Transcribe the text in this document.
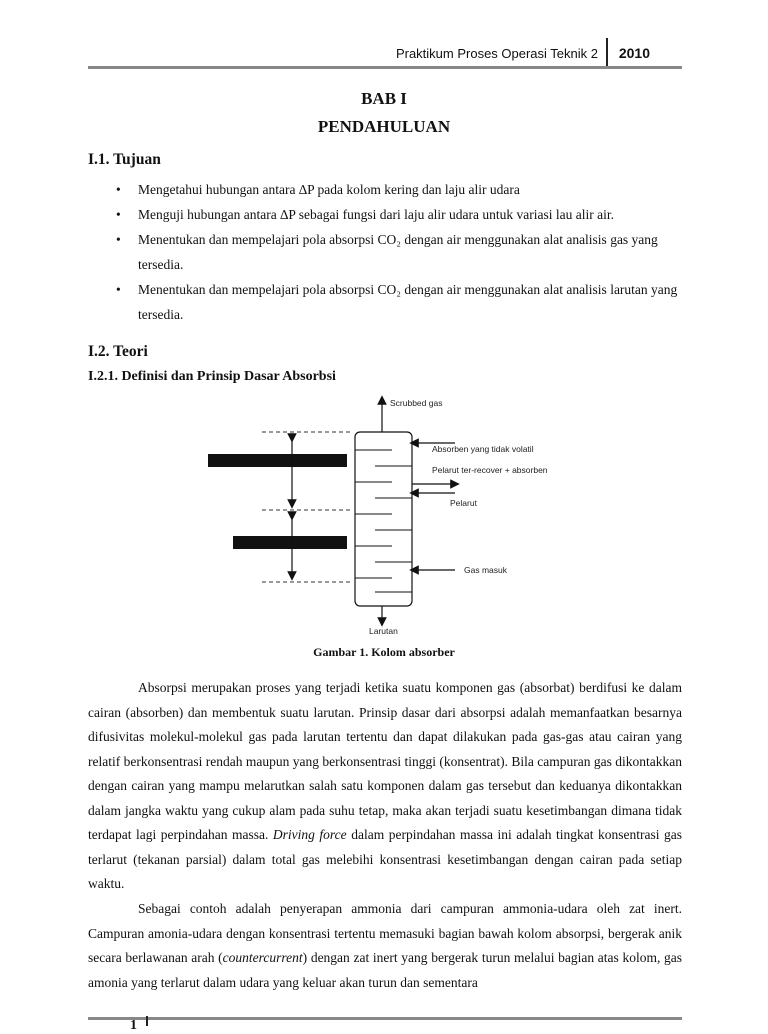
Praktikum Proses Operasi Teknik 2 2010
BAB I
PENDAHULUAN
I.1. Tujuan
• Mengetahui hubungan antara ∆P pada kolom kering dan laju alir udara
• Menguji hubungan antara ∆P sebagai fungsi dari laju alir udara untuk variasi lau alir air.
• Menentukan dan mempelajari pola absorpsi CO₂ dengan air menggunakan alat analisis gas yang tersedia.
• Menentukan dan mempelajari pola absorpsi CO₂ dengan air menggunakan alat analisis larutan yang tersedia.
I.2. Teori
I.2.1. Definisi dan Prinsip Dasar Absorbsi
Scrubbed gas
Absorben yang tidak volatil
Pelarut ter-recover + absorben
Pelarut
Gas masuk
Larutan
Gambar 1. Kolom absorber

Absorpsi merupakan proses yang terjadi ketika suatu komponen gas (absorbat) berdifusi ke dalam cairan (absorben) dan membentuk suatu larutan. Prinsip dasar dari absorpsi adalah memanfaatkan besarnya difusivitas molekul-molekul gas pada larutan tertentu dan dapat dilakukan pada gas-gas atau cairan yang relatif berkonsentrasi rendah maupun yang berkonsentrasi tinggi (konsentrat). Bila campuran gas dikontakkan dengan cairan yang mampu melarutkan salah satu komponen dalam gas tersebut dan keduanya dikontakkan dalam jangka waktu yang cukup alam pada suhu tetap, maka akan terjadi suatu kesetimbangan dimana tidak terdapat lagi perpindahan massa. Driving force dalam perpindahan massa ini adalah tingkat konsentrasi gas terlarut (tekanan parsial) dalam total gas melebihi konsentrasi kesetimbangan dengan cairan pada setiap waktu.

Sebagai contoh adalah penyerapan ammonia dari campuran ammonia-udara oleh zat inert. Campuran amonia-udara dengan konsentrasi tertentu memasuki bagian bawah kolom absorpsi, bergerak anik secara berlawanan arah (countercurrent) dengan zat inert yang bergerak turun melalui bagian atas kolom, gas amonia yang terlarut dalam udara yang keluar akan turun dan sementara

1
